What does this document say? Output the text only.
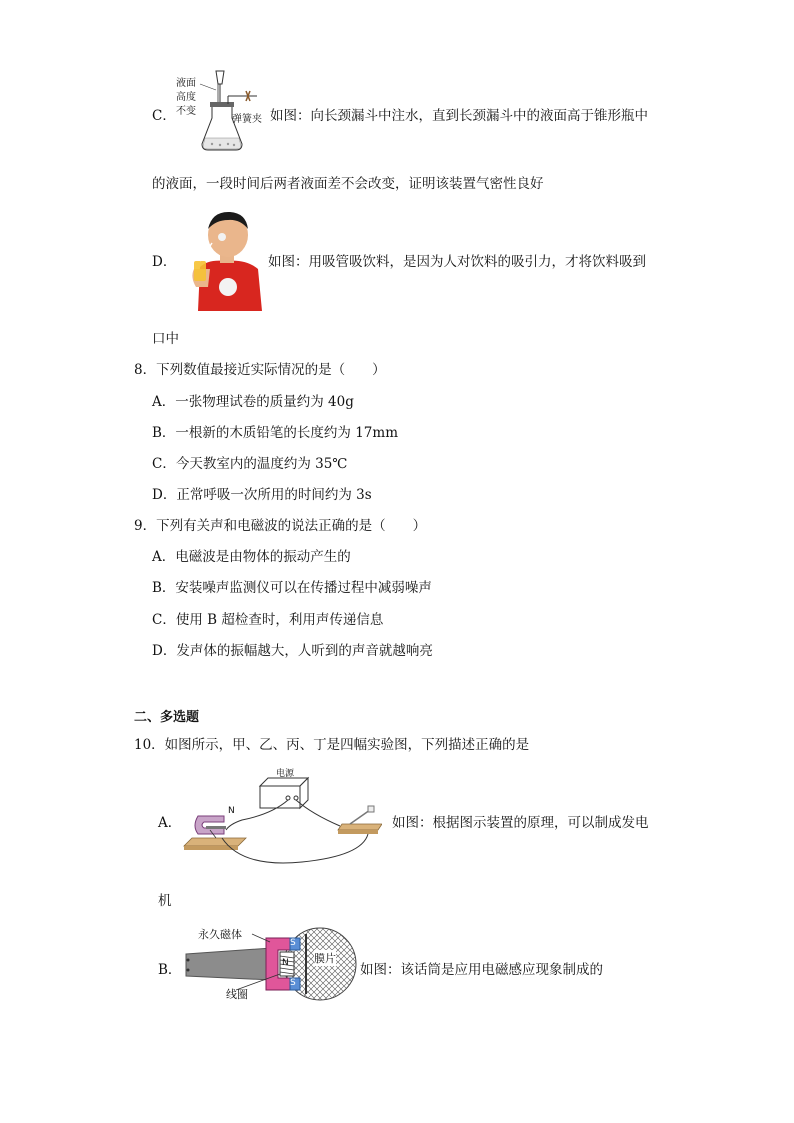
C．
液面
高度
不变
弹簧夹 如图：向长颈漏斗中注水，直到长颈漏斗中的液面高于锥形瓶中
的液面，一段时间后两者液面差不会改变，证明该装置气密性良好
D．	如图：用吸管吸饮料，是因为人对饮料的吸引力，才将饮料吸到
口中
8．下列数值最接近实际情况的是（　　）
A．一张物理试卷的质量约为 40g
B．一根新的木质铅笔的长度约为 17mm
C．今天教室内的温度约为 35℃
D．正常呼吸一次所用的时间约为 3s
9．下列有关声和电磁波的说法正确的是（　　）
A．电磁波是由物体的振动产生的
B．安装噪声监测仪可以在传播过程中减弱噪声
C．使用 B 超检查时，利用声传递信息
D．发声体的振幅越大，人听到的声音就越响亮
二、多选题
10．如图所示，甲、乙、丙、丁是四幅实验图，下列描述正确的是
A．
电源
N
如图：根据图示装置的原理，可以制成发电
机
B．
永久磁体
线圈
膜片
S
N
S
如图：该话筒是应用电磁感应现象制成的
